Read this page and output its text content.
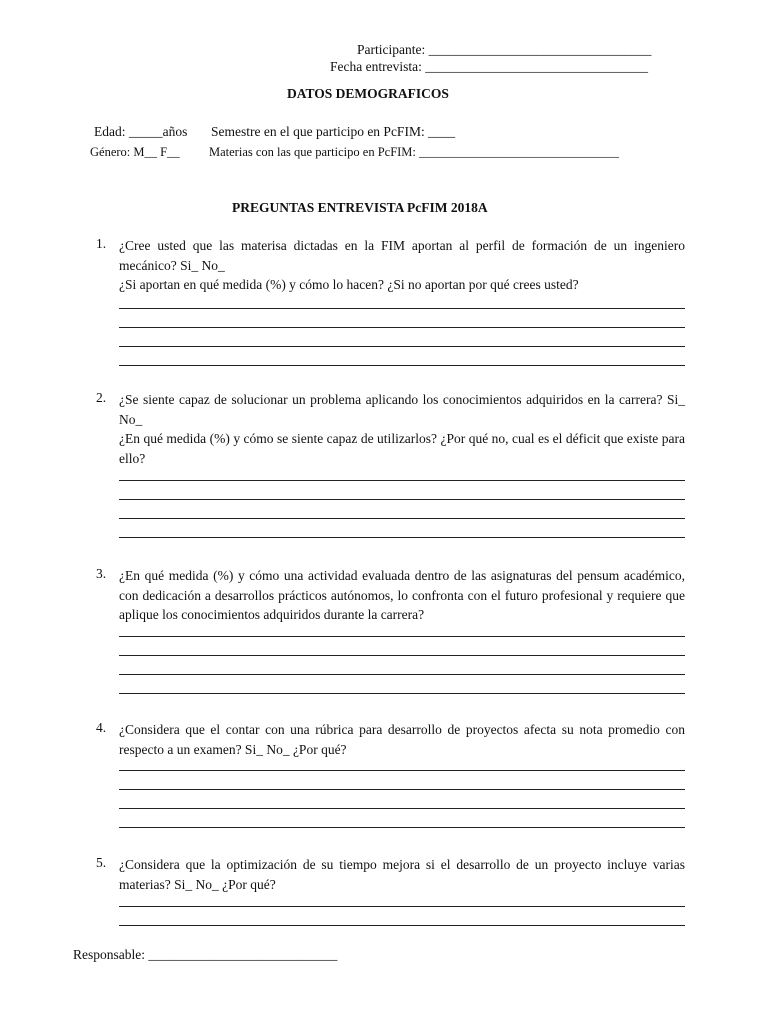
Participante: _________________________________
Fecha entrevista: _________________________________
DATOS DEMOGRAFICOS
Edad: _____años Semestre en el que participo en PcFIM: ____
Género: M__ F__ Materias con las que participo en PcFIM: ________________________________
PREGUNTAS ENTREVISTA PcFIM 2018A
1. ¿Cree usted que las materisa dictadas en la FIM aportan al perfil de formación de un ingeniero mecánico? Si_ No_

¿Si aportan en qué medida (%) y cómo lo hacen? ¿Si no aportan por qué crees usted?

2. ¿Se siente capaz de solucionar un problema aplicando los conocimientos adquiridos en la carrera? Si_ No_

¿En qué medida (%) y cómo se siente capaz de utilizarlos? ¿Por qué no, cual es el déficit que existe para ello?

3. ¿En qué medida (%) y cómo una actividad evaluada dentro de las asignaturas del pensum académico, con dedicación a desarrollos prácticos autónomos, lo confronta con el futuro profesional y requiere que aplique los conocimientos adquiridos durante la carrera?

4. ¿Considera que el contar con una rúbrica para desarrollo de proyectos afecta su nota promedio con respecto a un examen? Si_ No_ ¿Por qué?

5. ¿Considera que la optimización de su tiempo mejora si el desarrollo de un proyecto incluye varias materias? Si_ No_ ¿Por qué?

Responsable: ____________________________
